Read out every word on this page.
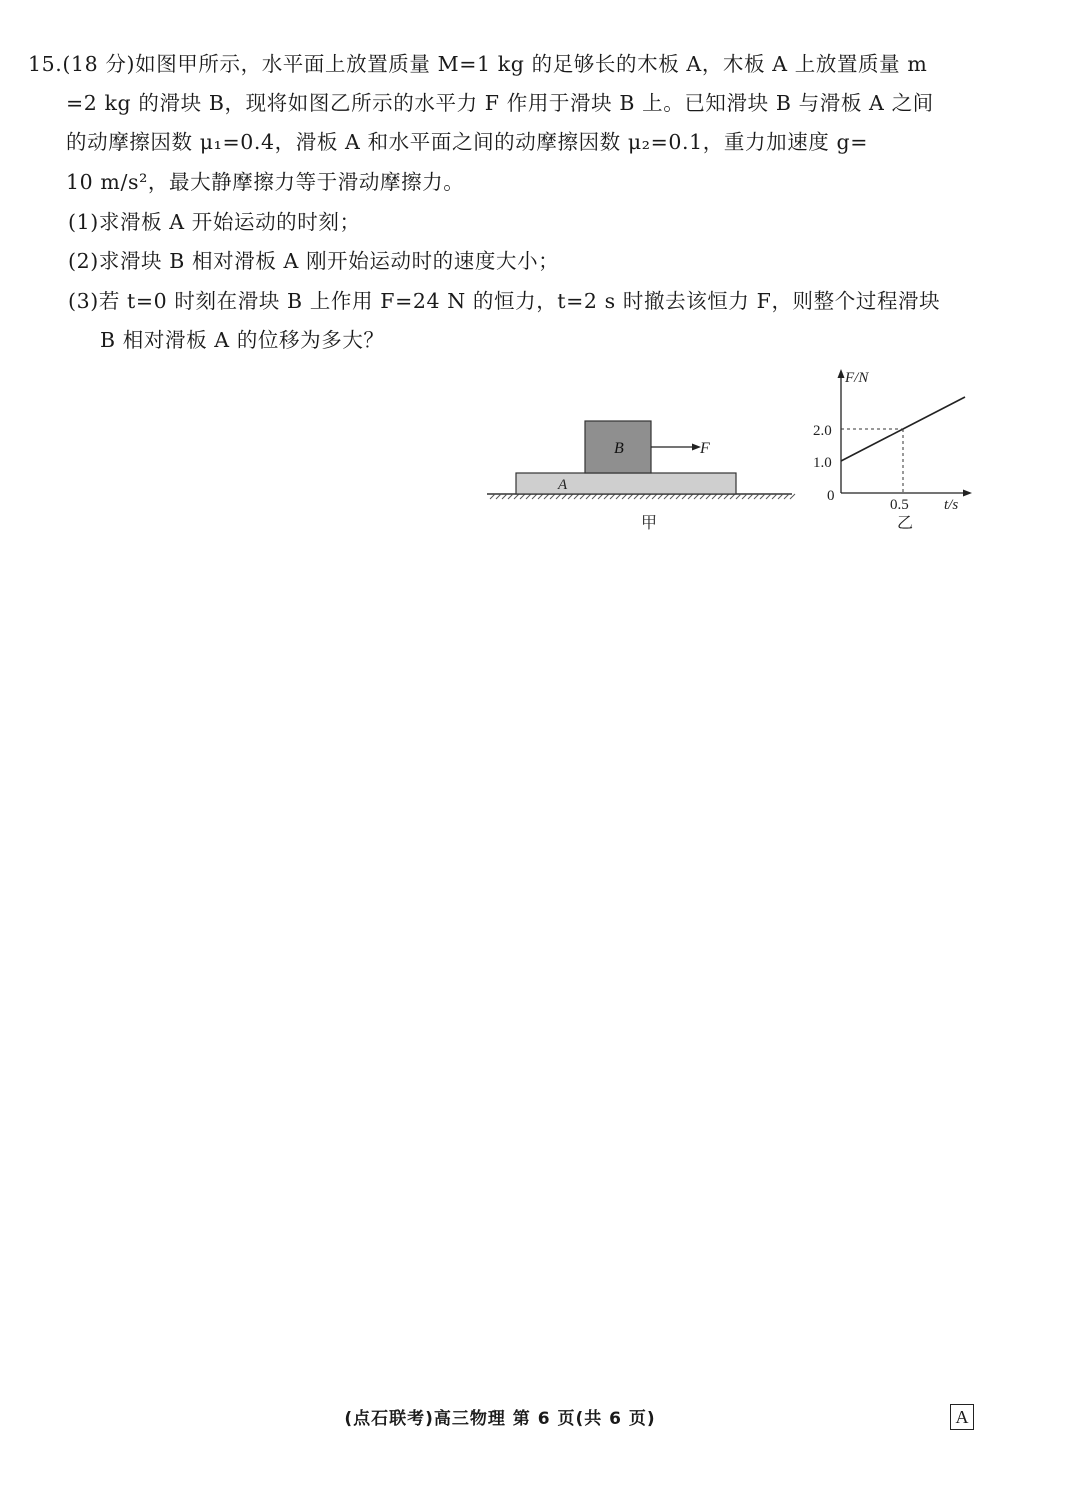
15.(18 分)如图甲所示，水平面上放置质量 M=1 kg 的足够长的木板 A，木板 A 上放置质量 m
=2 kg 的滑块 B，现将如图乙所示的水平力 F 作用于滑块 B 上。已知滑块 B 与滑板 A 之间
的动摩擦因数 μ₁=0.4，滑板 A 和水平面之间的动摩擦因数 μ₂=0.1，重力加速度 g=
10 m/s²，最大静摩擦力等于滑动摩擦力。
(1)求滑板 A 开始运动的时刻；
(2)求滑块 B 相对滑板 A 刚开始运动时的速度大小；
(3)若 t=0 时刻在滑块 B 上作用 F=24 N 的恒力，t=2 s 时撤去该恒力 F，则整个过程滑块
B 相对滑板 A 的位移为多大？
A
B	F
甲
F/N
t/s
0
2.0
1.0
0.5
乙
(点石联考)高三物理 第 6 页(共 6 页)	A
